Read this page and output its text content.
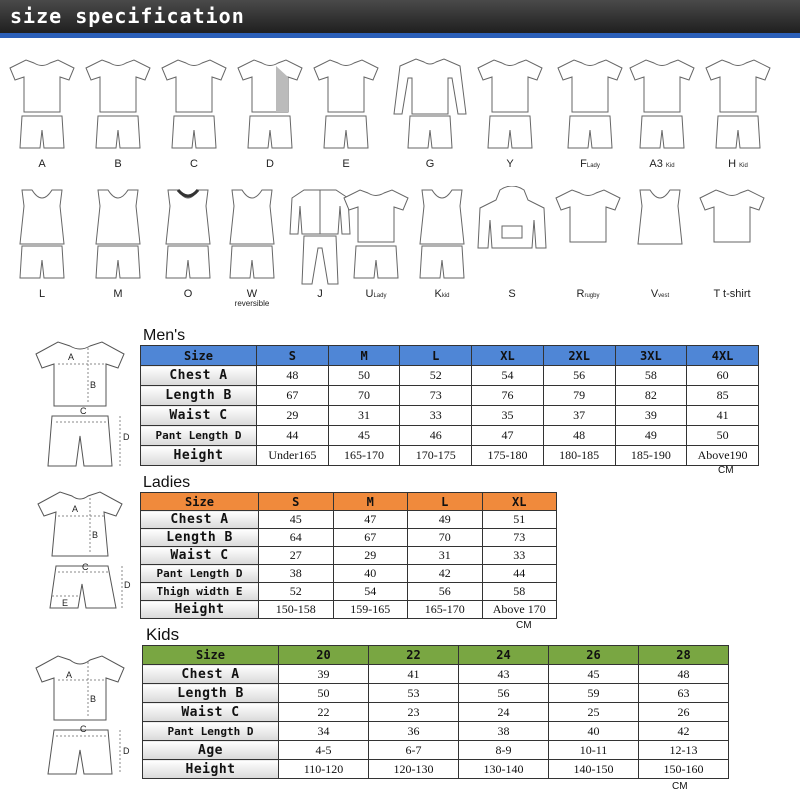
size specification
A	B	C	D	E	G	Y	FLady	A3 Kid	H Kid
L	M	O	W
reversible
J	ULady	Kkid	S	Rrugby	Vvest	T t-shirt
Men's
A
B
C
D
Size	S	M	L	XL	2XL	3XL	4XL
Chest A	48	50	52	54	56	58	60
Length B	67	70	73	76	79	82	85
Waist C	29	31	33	35	37	39	41
Pant Length D	44	45	46	47	48	49	50
Height	Under165	165-170	170-175	175-180	180-185	185-190	Above190
CM
Ladies
A
B
C
D
E
Size	S	M	L	XL
Chest A	45	47	49	51
Length B	64	67	70	73
Waist C	27	29	31	33
Pant Length D	38	40	42	44
Thigh width E	52	54	56	58
Height	150-158	159-165	165-170	Above 170
CM
Kids
A
B
C
D
Size	20	22	24	26	28
Chest A	39	41	43	45	48
Length B	50	53	56	59	63
Waist C	22	23	24	25	26
Pant Length D	34	36	38	40	42
Age	4-5	6-7	8-9	10-11	12-13
Height	110-120	120-130	130-140	140-150	150-160
CM
